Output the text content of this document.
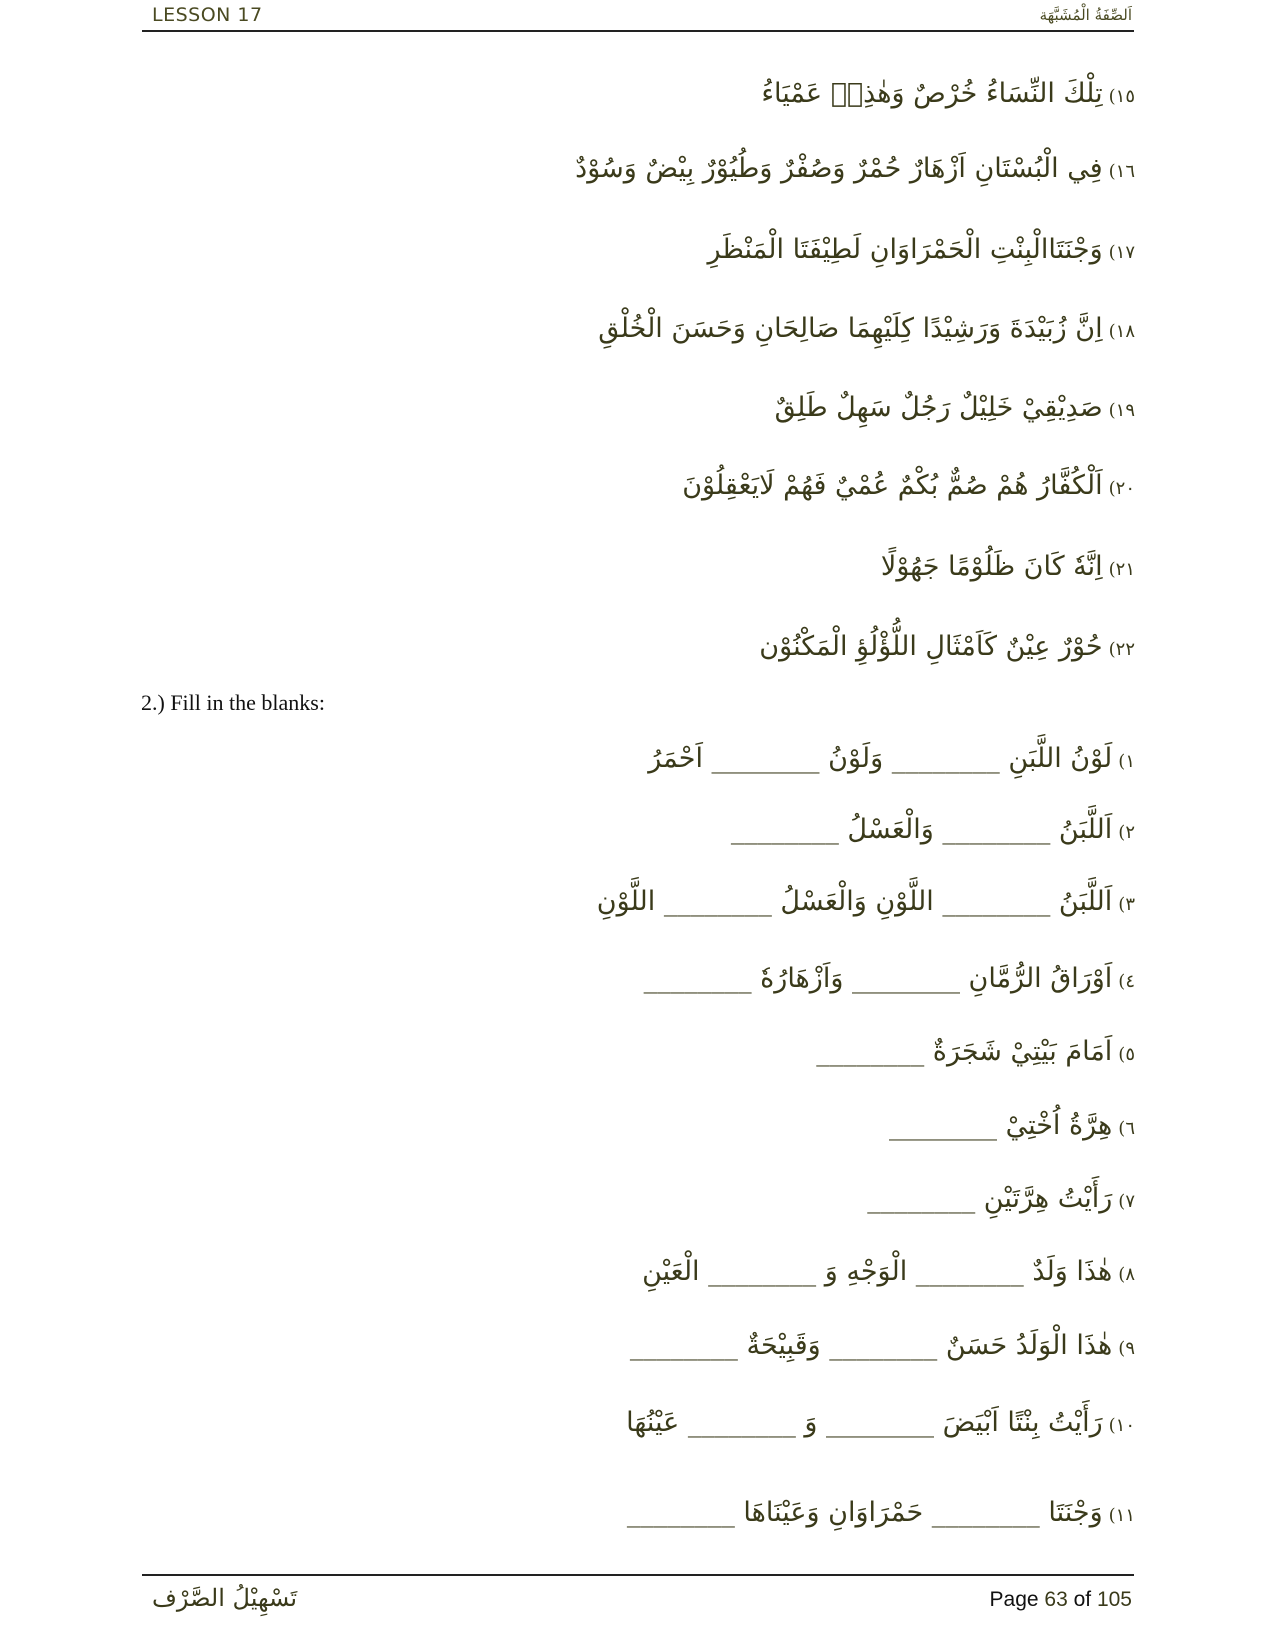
LESSON 17	اَلصِّفَةُ الْمُشَبَّهَة
١٥)تِلْكَ النِّسَاءُ خُرْصٌ وَهٰذِهٖ عَمْيَاءُ
١٦)فِي الْبُسْتَانِ اَزْهَارٌ حُمْرٌ وَصُفْرٌ وَطُيُوْرٌ بِيْضٌ وَسُوْدٌ
١٧)وَجْنَتَاالْبِنْتِ الْحَمْرَاوَانِ لَطِيْفَتَا الْمَنْظَرِ
١٨)اِنَّ زُبَيْدَةَ وَرَشِيْدًا كِلَيْهِمَا صَالِحَانِ وَحَسَنَ الْخُلْقِ
١٩)صَدِيْقِيْ خَلِيْلٌ رَجُلٌ سَهِلٌ طَلِقٌ
٢٠)اَلْكُفَّارُ هُمْ صُمٌّ بُكْمٌ عُمْيٌ فَهُمْ لَايَعْقِلُوْنَ
٢١)اِنَّهٗ كَانَ ظَلُوْمًا جَهُوْلًا
٢٢)حُوْرٌ عِيْنٌ كَاَمْثَالِ اللُّؤْلُؤِ الْمَكْنُوْن
2.) Fill in the blanks:
١)لَوْنُ اللَّبَنِ ________ وَلَوْنُ ________ اَحْمَرُ
٢)اَللَّبَنُ ________ وَالْعَسْلُ ________
٣)اَللَّبَنُ ________ اللَّوْنِ وَالْعَسْلُ ________ اللَّوْنِ
٤)اَوْرَاقُ الرُّمَّانِ ________ وَاَزْهَارُهٗ ________
٥)اَمَامَ بَيْتِيْ شَجَرَةٌ ________
٦)هِرَّةُ اُخْتِيْ ________
٧)رَأَيْتُ هِرَّتَيْنِ ________
٨)هٰذَا وَلَدٌ ________ الْوَجْهِ وَ ________ الْعَيْنِ
٩)هٰذَا الْوَلَدُ حَسَنٌ ________ وَقَبِيْحَةٌ ________
١٠)رَأَيْتُ بِنْتًا اَبْيَضَ ________ وَ ________ عَيْنُهَا
١١)وَجْنَتَا ________ حَمْرَاوَانِ وَعَيْنَاهَا ________
تَسْهِيْلُ الصَّرْف	Page 63 of 105
